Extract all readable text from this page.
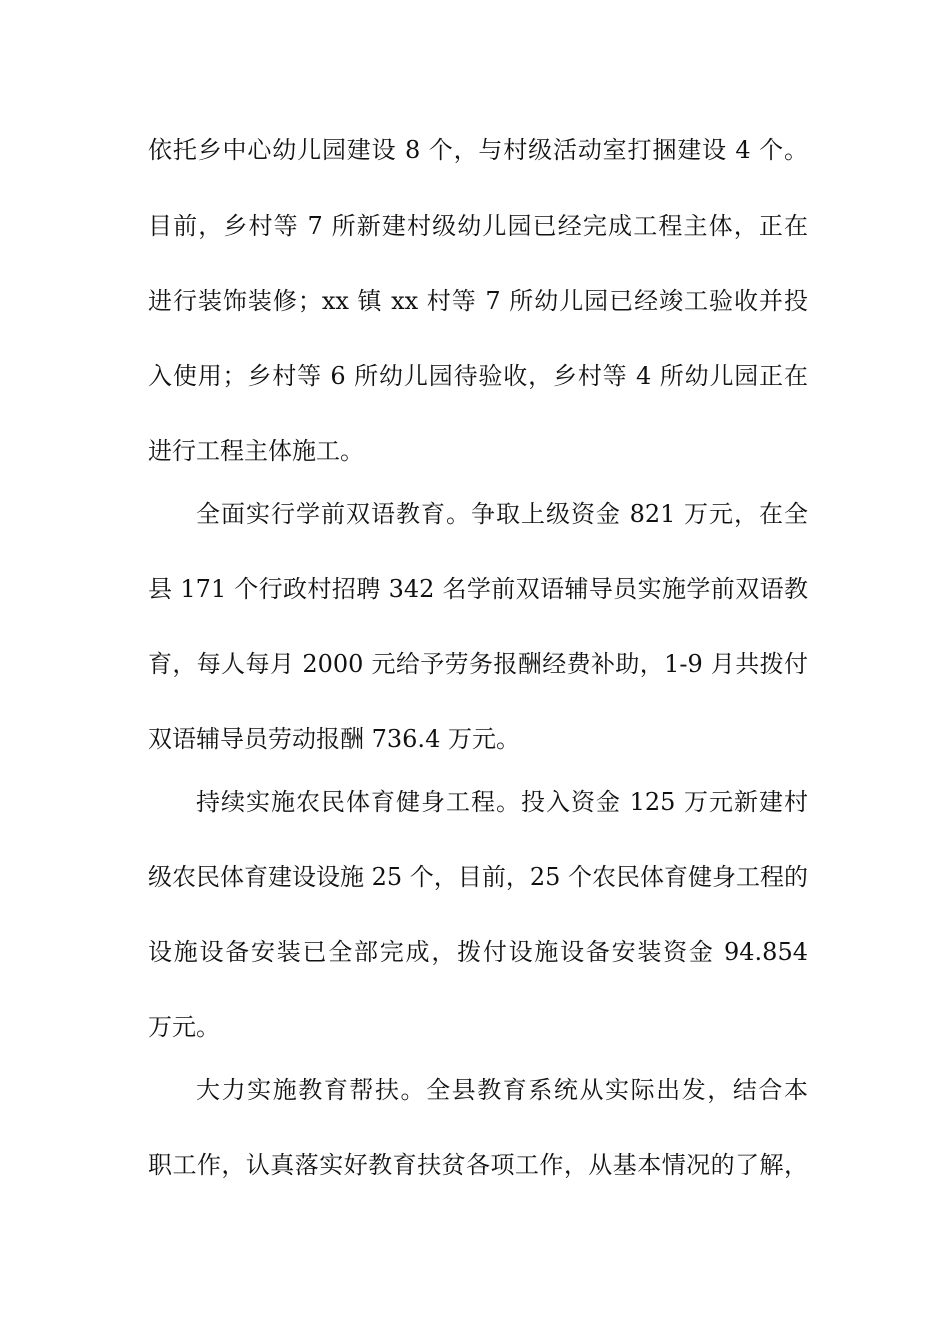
依托乡中心幼儿园建设 8 个，与村级活动室打捆建设 4 个。
目前，乡村等 7 所新建村级幼儿园已经完成工程主体，正在
进行装饰装修；xx 镇 xx 村等 7 所幼儿园已经竣工验收并投
入使用；乡村等 6 所幼儿园待验收，乡村等 4 所幼儿园正在
进行工程主体施工。
全面实行学前双语教育。争取上级资金 821 万元，在全
县 171 个行政村招聘 342 名学前双语辅导员实施学前双语教
育，每人每月 2000 元给予劳务报酬经费补助，1-9 月共拨付
双语辅导员劳动报酬 736.4 万元。
持续实施农民体育健身工程。投入资金 125 万元新建村
级农民体育建设设施 25 个，目前，25 个农民体育健身工程的
设施设备安装已全部完成，拨付设施设备安装资金 94.854
万元。
大力实施教育帮扶。全县教育系统从实际出发，结合本
职工作，认真落实好教育扶贫各项工作，从基本情况的了解，
